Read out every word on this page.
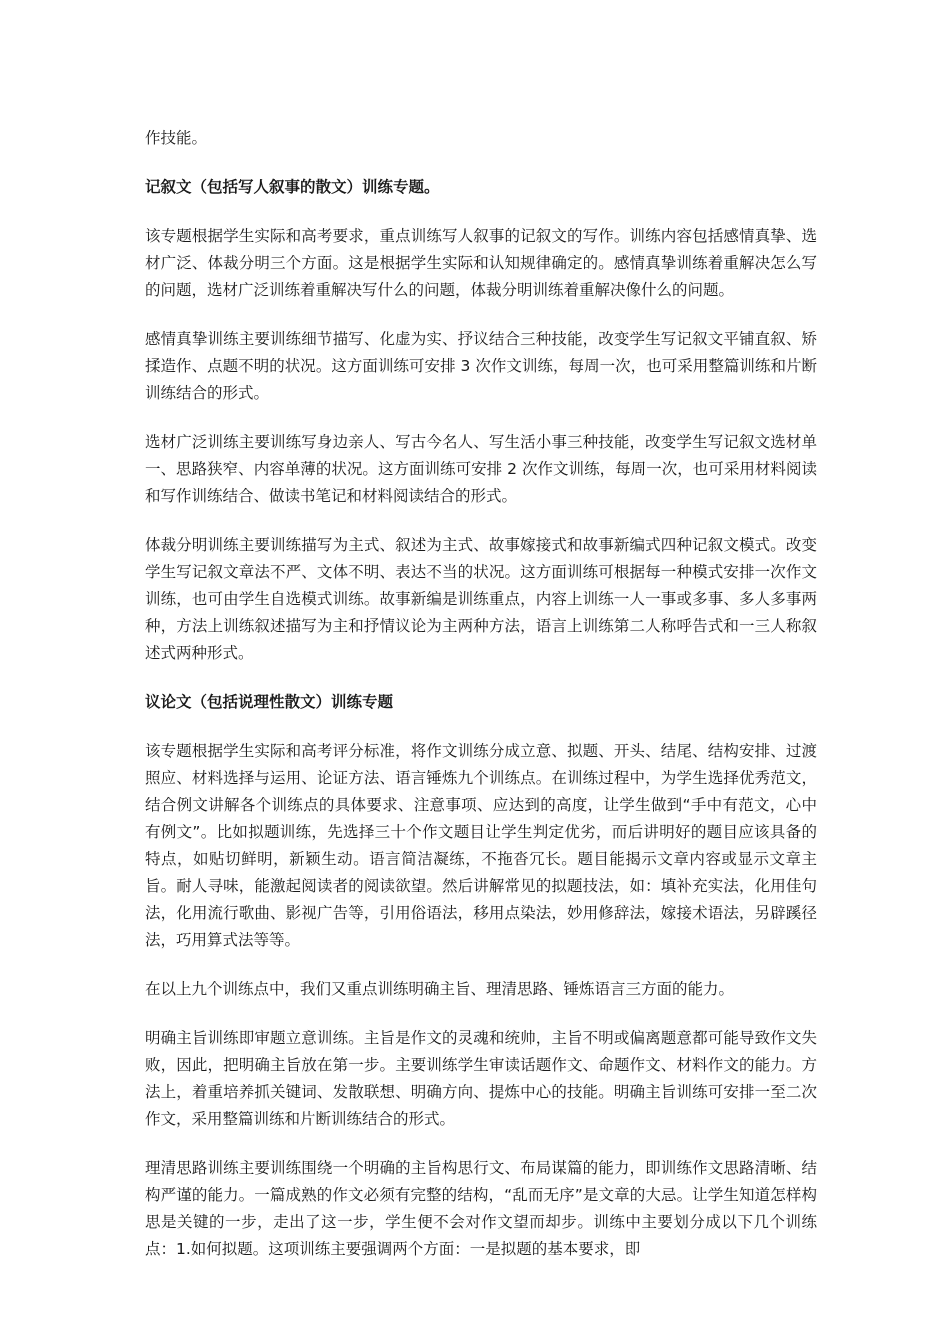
作技能。

记叙文（包括写人叙事的散文）训练专题。

该专题根据学生实际和高考要求，重点训练写人叙事的记叙文的写作。训练内容包括感情真挚、选材广泛、体裁分明三个方面。这是根据学生实际和认知规律确定的。感情真挚训练着重解决怎么写的问题，选材广泛训练着重解决写什么的问题，体裁分明训练着重解决像什么的问题。

感情真挚训练主要训练细节描写、化虚为实、抒议结合三种技能，改变学生写记叙文平铺直叙、矫揉造作、点题不明的状况。这方面训练可安排 3 次作文训练，每周一次，也可采用整篇训练和片断训练结合的形式。

选材广泛训练主要训练写身边亲人、写古今名人、写生活小事三种技能，改变学生写记叙文选材单一、思路狭窄、内容单薄的状况。这方面训练可安排 2 次作文训练，每周一次，也可采用材料阅读和写作训练结合、做读书笔记和材料阅读结合的形式。

体裁分明训练主要训练描写为主式、叙述为主式、故事嫁接式和故事新编式四种记叙文模式。改变学生写记叙文章法不严、文体不明、表达不当的状况。这方面训练可根据每一种模式安排一次作文训练，也可由学生自选模式训练。故事新编是训练重点，内容上训练一人一事或多事、多人多事两种，方法上训练叙述描写为主和抒情议论为主两种方法，语言上训练第二人称呼告式和一三人称叙述式两种形式。

议论文（包括说理性散文）训练专题

该专题根据学生实际和高考评分标准，将作文训练分成立意、拟题、开头、结尾、结构安排、过渡照应、材料选择与运用、论证方法、语言锤炼九个训练点。在训练过程中，为学生选择优秀范文，结合例文讲解各个训练点的具体要求、注意事项、应达到的高度，让学生做到“手中有范文，心中有例文”。比如拟题训练，先选择三十个作文题目让学生判定优劣，而后讲明好的题目应该具备的特点，如贴切鲜明，新颖生动。语言简洁凝练，不拖沓冗长。题目能揭示文章内容或显示文章主旨。耐人寻味，能激起阅读者的阅读欲望。然后讲解常见的拟题技法，如：填补充实法，化用佳句法，化用流行歌曲、影视广告等，引用俗语法，移用点染法，妙用修辞法，嫁接术语法，另辟蹊径法，巧用算式法等等。

在以上九个训练点中，我们又重点训练明确主旨、理清思路、锤炼语言三方面的能力。

明确主旨训练即审题立意训练。主旨是作文的灵魂和统帅，主旨不明或偏离题意都可能导致作文失败，因此，把明确主旨放在第一步。主要训练学生审读话题作文、命题作文、材料作文的能力。方法上，着重培养抓关键词、发散联想、明确方向、提炼中心的技能。明确主旨训练可安排一至二次作文，采用整篇训练和片断训练结合的形式。

理清思路训练主要训练围绕一个明确的主旨构思行文、布局谋篇的能力，即训练作文思路清晰、结构严谨的能力。一篇成熟的作文必须有完整的结构，“乱而无序”是文章的大忌。让学生知道怎样构思是关键的一步，走出了这一步，学生便不会对作文望而却步。训练中主要划分成以下几个训练点：1.如何拟题。这项训练主要强调两个方面：一是拟题的基本要求，即
